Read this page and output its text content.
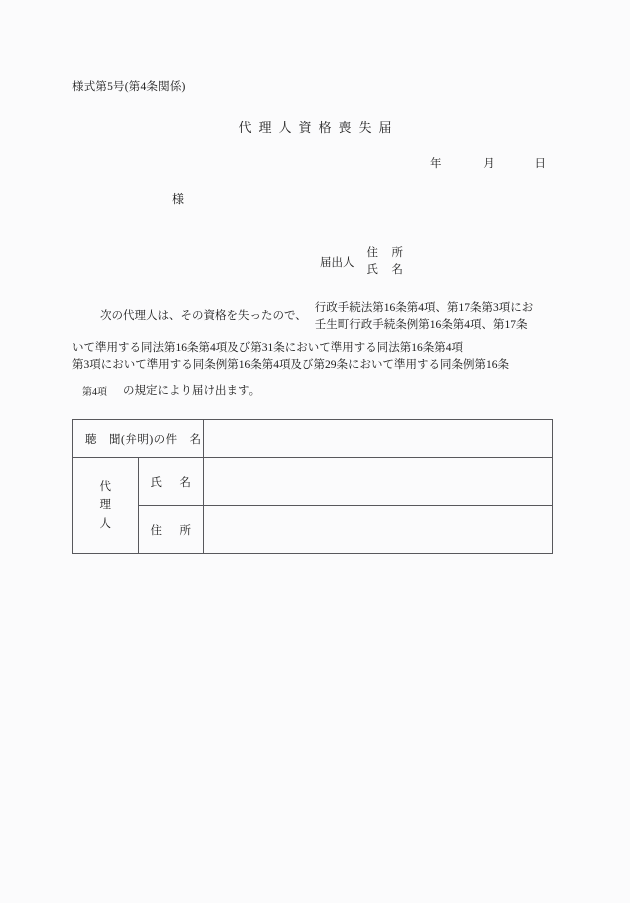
様式第5号(第4条関係)
代理人資格喪失届
年	月	日
様
届出人
住　所
氏　名
次の代理人は、その資格を失ったので、
行政手続法第16条第4項、第17条第3項にお
壬生町行政手続条例第16条第4項、第17条
いて準用する同法第16条第4項及び第31条において準用する同法第16条第4項
第3項において準用する同条例第16条第4項及び第29条において準用する同条例第16条
第4項 の規定により届け出ます。
聴　聞(弁明)の 件　名		

代
理
人	氏 名	

	住 所	
